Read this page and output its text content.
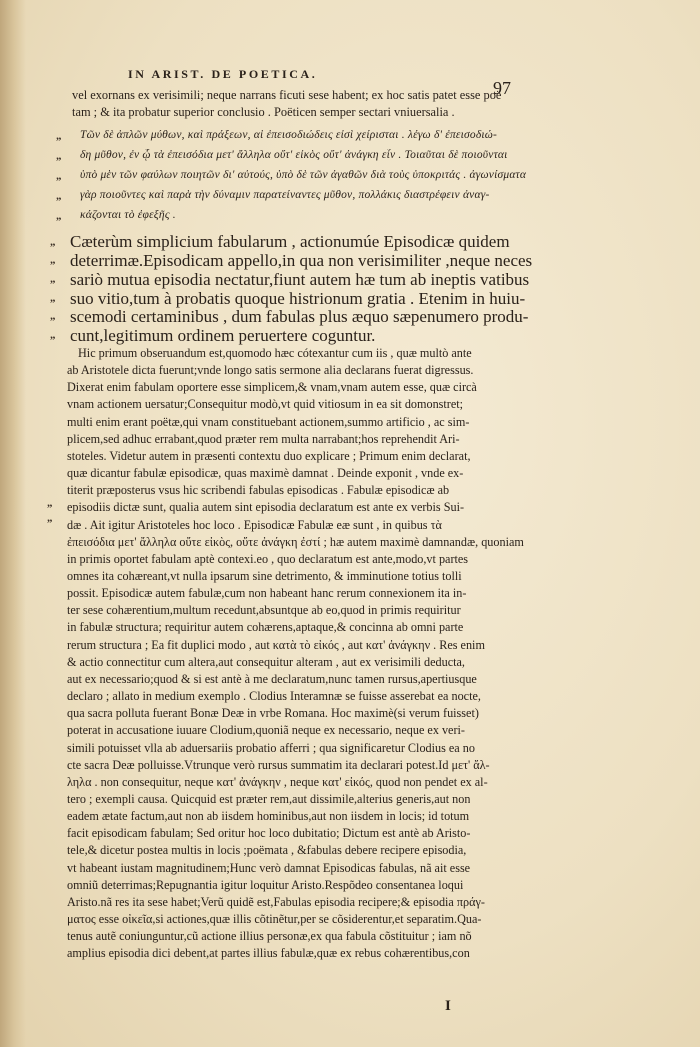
IN ARIST. DE POETICA.
97
vel exornans ex verisimili; neque narrans ficuti sese habent; ex hoc satis patet esse poë
tam ; & ita probatur superior conclusio . Poëticen semper sectari vniuersalia .
„
„
„
„
„
Τῶν δὲ ἁπλῶν μύθων, καὶ πράξεων, αἱ ἐπεισοδιώδεις εἰσὶ χείρισται . λέγω δ' ἐπεισοδιώ-
δη μῦθον, ἐν ᾧ τὰ ἐπεισόδια μετ' ἄλληλα οὔτ' εἰκὸς οὔτ' ἀνάγκη εἶν . Τοιαῦται δὲ ποιοῦνται
ὑπὸ μὲν τῶν φαύλων ποιητῶν δι' αὐτούς, ὑπὸ δὲ τῶν ἀγαθῶν διὰ τοὺς ὑποκριτάς . ἀγωνίσματα
γὰρ ποιοῦντες καὶ παρὰ τὴν δύναμιν παρατείναντες μῦθον, πολλάκις διαστρέφειν ἀναγ-
κάζονται τὸ ἐφεξῆς .
„
„
„
„
„
„
Cæterùm simplicium fabularum , actionumúe Episodicæ quidem
deterrimæ.Episodicam appello,in qua non verisimiliter ,neque neces
sariò mutua episodia nectatur,fiunt autem hæ tum ab ineptis vatibus
suo vitio,tum à probatis quoque histrionum gratia . Etenim in huiu-
scemodi certaminibus , dum fabulas plus æquo sæpenumero produ-
cunt,legitimum ordinem peruertere coguntur.
Hic primum obseruandum est,quomodo hæc cótexantur cum iis , quæ multò ante
ab Aristotele dicta fuerunt;vnde longo satis sermone alia declarans fuerat digressus.
Dixerat enim fabulam oportere esse simplicem,& vnam,vnam autem esse, quæ circà
vnam actionem uersatur;Consequitur modò,vt quid vitiosum in ea sit domonstret;
multi enim erant poëtæ,qui vnam constituebant actionem,summo artificio , ac sim-
plicem,sed adhuc errabant,quod præter rem multa narrabant;hos reprehendit Ari-
stoteles. Videtur autem in præsenti contextu duo explicare ; Primum enim declarat,
quæ dicantur fabulæ episodicæ, quas maximè damnat . Deinde exponit , vnde ex-
titerit præposterus vsus hic scribendi fabulas episodicas . Fabulæ episodicæ ab
episodiis dictæ sunt, qualia autem sint episodia declaratum est ante ex verbis Sui-
dæ . Ait igitur Aristoteles hoc loco . Episodicæ Fabulæ eæ sunt , in quibus τὰ
ἐπεισόδια μετ' ἄλληλα οὔτε εἰκὸς, οὔτε ἀνάγκη ἐστί ; hæ autem maximè damnandæ, quoniam
in primis oportet fabulam aptè contexi.eo , quo declaratum est ante,modo,vt partes
omnes ita cohæreant,vt nulla ipsarum sine detrimento, & imminutione totius tolli
possit. Episodicæ autem fabulæ,cum non habeant hanc rerum connexionem ita in-
ter sese cohærentium,multum recedunt,absuntque ab eo,quod in primis requiritur
in fabulæ structura; requiritur autem cohærens,aptaque,& concinna ab omni parte
rerum structura ; Ea fit duplici modo , aut κατὰ τὸ εἰκός , aut κατ' ἀνάγκην . Res enim
& actio connectitur cum altera,aut consequitur alteram , aut ex verisimili deducta,
aut ex necessario;quod & si est antè à me declaratum,nunc tamen rursus,apertiusque
declaro ; allato in medium exemplo . Clodius Interamnæ se fuisse asserebat ea nocte,
qua sacra polluta fuerant Bonæ Deæ in vrbe Romana. Hoc maximè(si verum fuisset)
poterat in accusatione iuuare Clodium,quoniã neque ex necessario, neque ex veri-
simili potuisset vlla ab aduersariis probatio afferri ; qua significaretur Clodius ea no
cte sacra Deæ polluisse.Vtrunque verò rursus summatim ita declarari potest.Id μετ' ἄλ-
ληλα . non consequitur, neque κατ' ἀνάγκην , neque κατ' εἰκός, quod non pendet ex al-
tero ; exempli causa. Quicquid est præter rem,aut dissimile,alterius generis,aut non
eadem ætate factum,aut non ab iisdem hominibus,aut non iisdem in locis; id totum
facit episodicam fabulam; Sed oritur hoc loco dubitatio; Dictum est antè ab Aristo-
tele,& dicetur postea multis in locis ;poëmata , &fabulas debere recipere episodia,
vt habeant iustam magnitudinem;Hunc verò damnat Episodicas fabulas, nã ait esse
omniũ deterrimas;Repugnantia igitur loquitur Aristo.Respõdeo consentanea loqui
Aristo.nã res ita sese habet;Verũ quidẽ est,Fabulas episodia recipere;& episodia πράγ-
ματος esse οἰκεῖα,si actiones,quæ illis cõtinẽtur,per se cõsiderentur,et separatim.Qua-
tenus autẽ coniunguntur,cũ actione illius personæ,ex qua fabula cõstituitur ; iam nõ
amplius episodia dici debent,at partes illius fabulæ,quæ ex rebus cohærentibus,con
„
„
I
